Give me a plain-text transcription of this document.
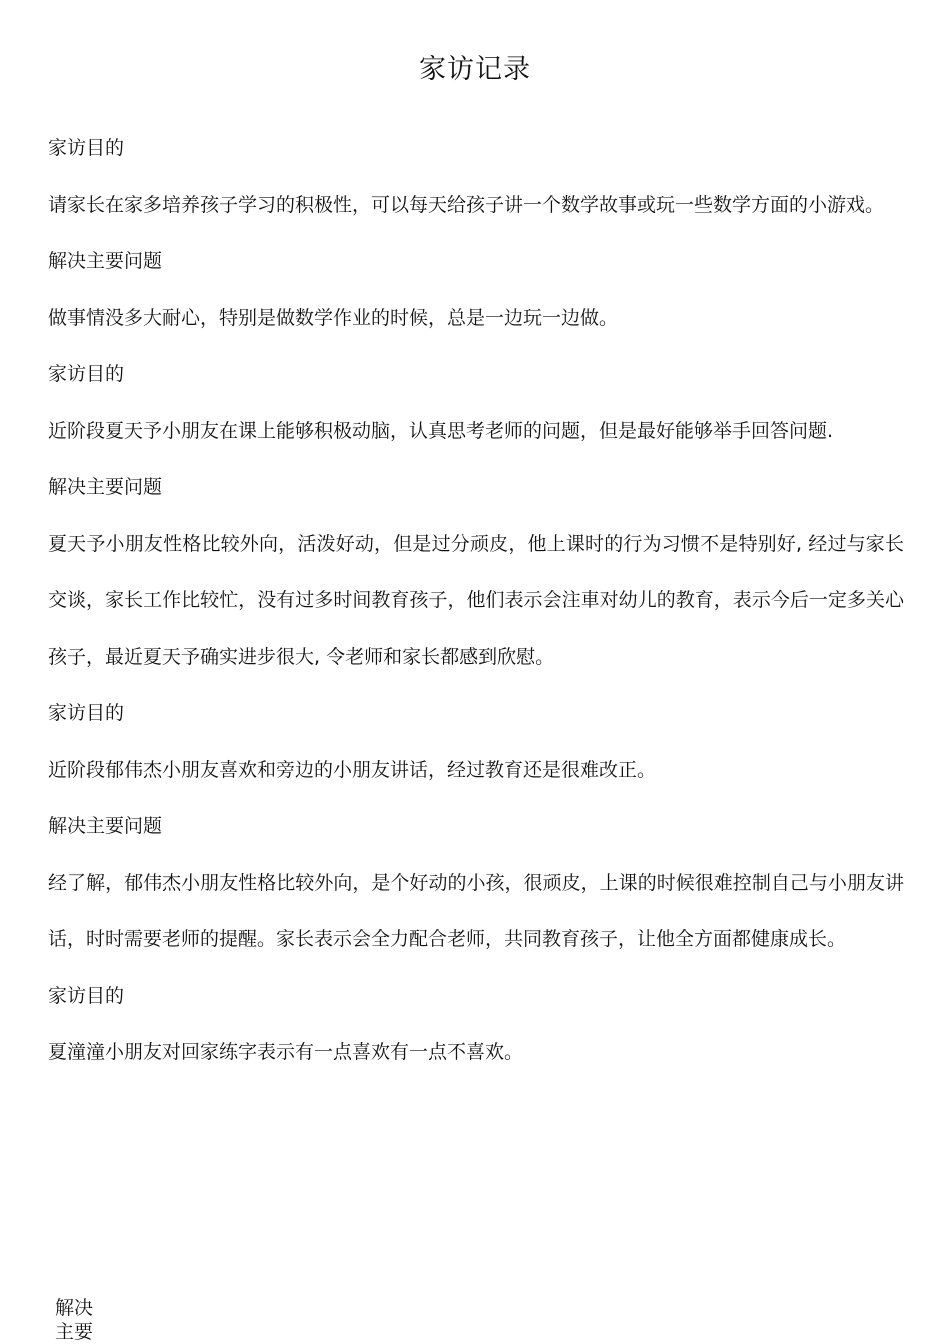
家访记录

家访目的

请家长在家多培养孩子学习的积极性，可以每天给孩子讲一个数学故事或玩一些数学方面的小游戏。

解决主要问题

做事情没多大耐心，特别是做数学作业的时候，总是一边玩一边做。

家访目的

近阶段夏天予小朋友在课上能够积极动脑，认真思考老师的问题，但是最好能够举手回答问题.

解决主要问题

夏天予小朋友性格比较外向，活泼好动，但是过分顽皮，他上课时的行为习惯不是特别好, 经过与家长交谈，家长工作比较忙，没有过多时间教育孩子，他们表示会注車对幼儿的教育，表示今后一定多关心孩子，最近夏天予确实进步很大, 令老师和家长都感到欣慰。

家访目的

近阶段郁伟杰小朋友喜欢和旁边的小朋友讲话，经过教育还是很难改正。

解决主要问题

经了解，郁伟杰小朋友性格比较外向，是个好动的小孩，很顽皮，上课的时候很难控制自己与小朋友讲话，时时需要老师的提醒。家长表示会全力配合老师，共同教育孩子，让他全方面都健康成长。

家访目的

夏潼潼小朋友对回家练字表示有一点喜欢有一点不喜欢。

解决主要
